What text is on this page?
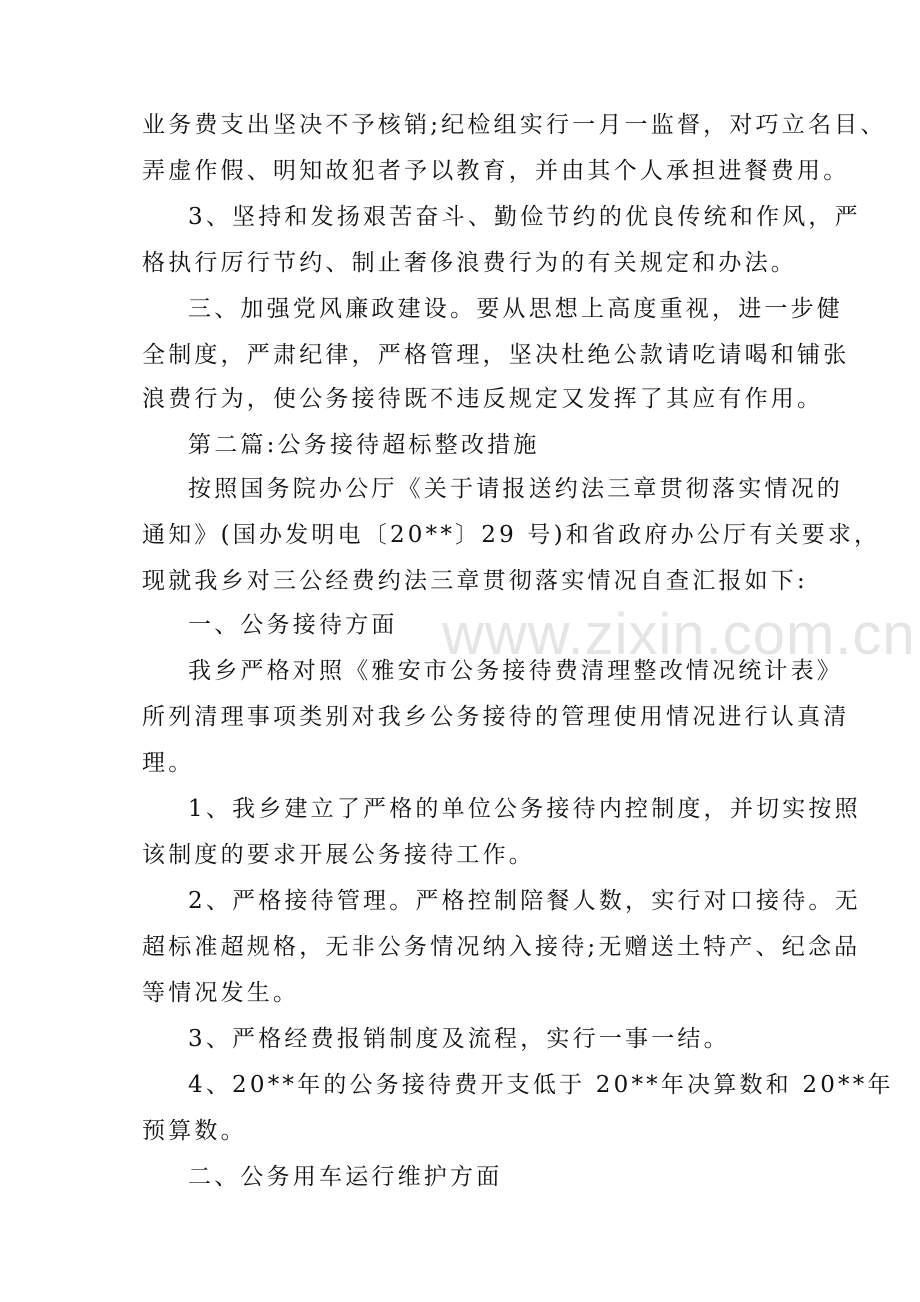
www.zixin.com.cn
业务费支出坚决不予核销;纪检组实行一月一监督，对巧立名目、
弄虚作假、明知故犯者予以教育，并由其个人承担进餐费用。
3、坚持和发扬艰苦奋斗、勤俭节约的优良传统和作风，严
格执行厉行节约、制止奢侈浪费行为的有关规定和办法。
三、加强党风廉政建设。要从思想上高度重视，进一步健
全制度，严肃纪律，严格管理，坚决杜绝公款请吃请喝和铺张
浪费行为，使公务接待既不违反规定又发挥了其应有作用。
第二篇:公务接待超标整改措施
按照国务院办公厅《关于请报送约法三章贯彻落实情况的
通知》(国办发明电〔20**〕29 号)和省政府办公厅有关要求，
现就我乡对三公经费约法三章贯彻落实情况自查汇报如下:
一、公务接待方面
我乡严格对照《雅安市公务接待费清理整改情况统计表》
所列清理事项类别对我乡公务接待的管理使用情况进行认真清
理。
1、我乡建立了严格的单位公务接待内控制度，并切实按照
该制度的要求开展公务接待工作。
2、严格接待管理。严格控制陪餐人数，实行对口接待。无
超标准超规格，无非公务情况纳入接待;无赠送土特产、纪念品
等情况发生。
3、严格经费报销制度及流程，实行一事一结。
4、20**年的公务接待费开支低于 20**年决算数和 20**年
预算数。
二、公务用车运行维护方面
